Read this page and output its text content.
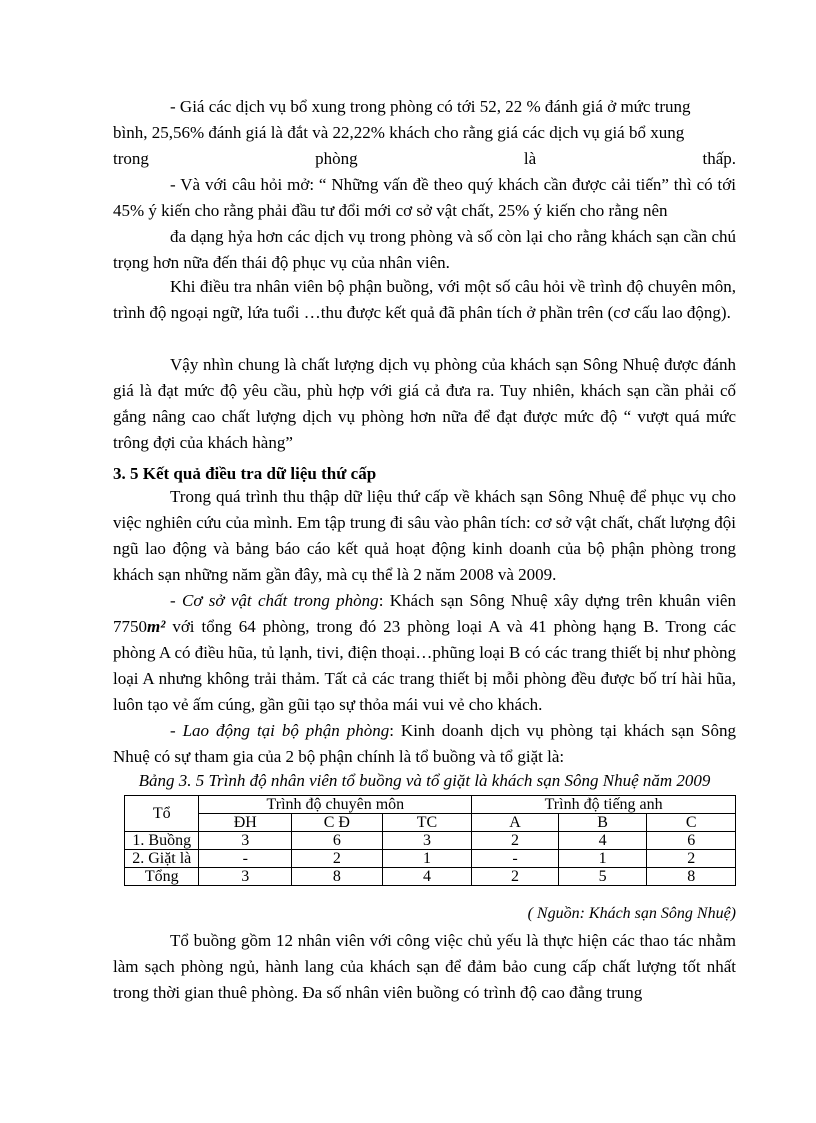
- Giá các dịch vụ bổ xung trong phòng có tới 52, 22 % đánh giá ở mức trung

bình, 25,56% đánh giá là đắt và 22,22% khách cho rằng giá các dịch vụ giá bổ xung

trong phòng là thấp.

- Và với câu hỏi mở: “ Những vấn đề theo quý khách cần được cải tiến” thì có tới 45% ý kiến cho rằng phải đầu tư đổi mới cơ sở vật chất, 25% ý kiến cho rằng nên

đa dạng hỷa hơn các dịch vụ trong phòng và số còn lại cho rằng khách sạn cần chú trọng hơn nữa đến thái độ phục vụ của nhân viên.

Khi điều tra nhân viên bộ phận buồng, với một số câu hỏi về trình độ chuyên môn, trình độ ngoại ngữ, lứa tuổi …thu được kết quả đã phân tích ở phần trên (cơ cấu lao động).

Vậy nhìn chung là chất lượng dịch vụ phòng của khách sạn Sông Nhuệ được đánh giá là đạt mức độ yêu cầu, phù hợp với giá cả đưa ra. Tuy nhiên, khách sạn cần phải cố gắng nâng cao chất lượng dịch vụ phòng hơn nữa để đạt được mức độ “ vượt quá mức trông đợi của khách hàng”

3. 5 Kết quả điều tra dữ liệu thứ cấp

Trong quá trình thu thập dữ liệu thứ cấp về khách sạn Sông Nhuệ để phục vụ cho việc nghiên cứu của mình. Em tập trung đi sâu vào phân tích: cơ sở vật chất, chất lượng đội ngũ lao động và bảng báo cáo kết quả hoạt động kinh doanh của bộ phận phòng trong khách sạn những năm gần đây, mà cụ thể là 2 năm 2008 và 2009.

- Cơ sở vật chất trong phòng: Khách sạn Sông Nhuệ xây dựng trên khuân viên 7750m² với tổng 64 phòng, trong đó 23 phòng loại A và 41 phòng hạng B. Trong các phòng A có điều hũa, tủ lạnh, tivi, điện thoại…phũng loại B có các trang thiết bị như phòng loại A nhưng không trải thảm. Tất cả các trang thiết bị mỗi phòng đều được bố trí hài hũa, luôn tạo vẻ ấm cúng, gần gũi tạo sự thỏa mái vui vẻ cho khách.

- Lao động tại bộ phận phòng: Kinh doanh dịch vụ phòng tại khách sạn Sông Nhuệ có sự tham gia của 2 bộ phận chính là tổ buồng và tổ giặt là:

Bảng 3. 5 Trình độ nhân viên tổ buồng và tổ giặt là khách sạn Sông Nhuệ năm 2009
Tổ	Trình độ chuyên môn			Trình độ tiếng anh		
	ĐH	C Đ	TC	A	B	C
1. Buồng	3	6	3	2	4	6
2. Giặt là	-	2	1	-	1	2
Tổng	3	8	4	2	5	8
( Nguồn: Khách sạn Sông Nhuệ)

Tổ buồng gồm 12 nhân viên với công việc chủ yếu là thực hiện các thao tác nhằm làm sạch phòng ngủ, hành lang của khách sạn để đảm bảo cung cấp chất lượng tốt nhất trong thời gian thuê phòng. Đa số nhân viên buồng có trình độ cao đẳng trung
